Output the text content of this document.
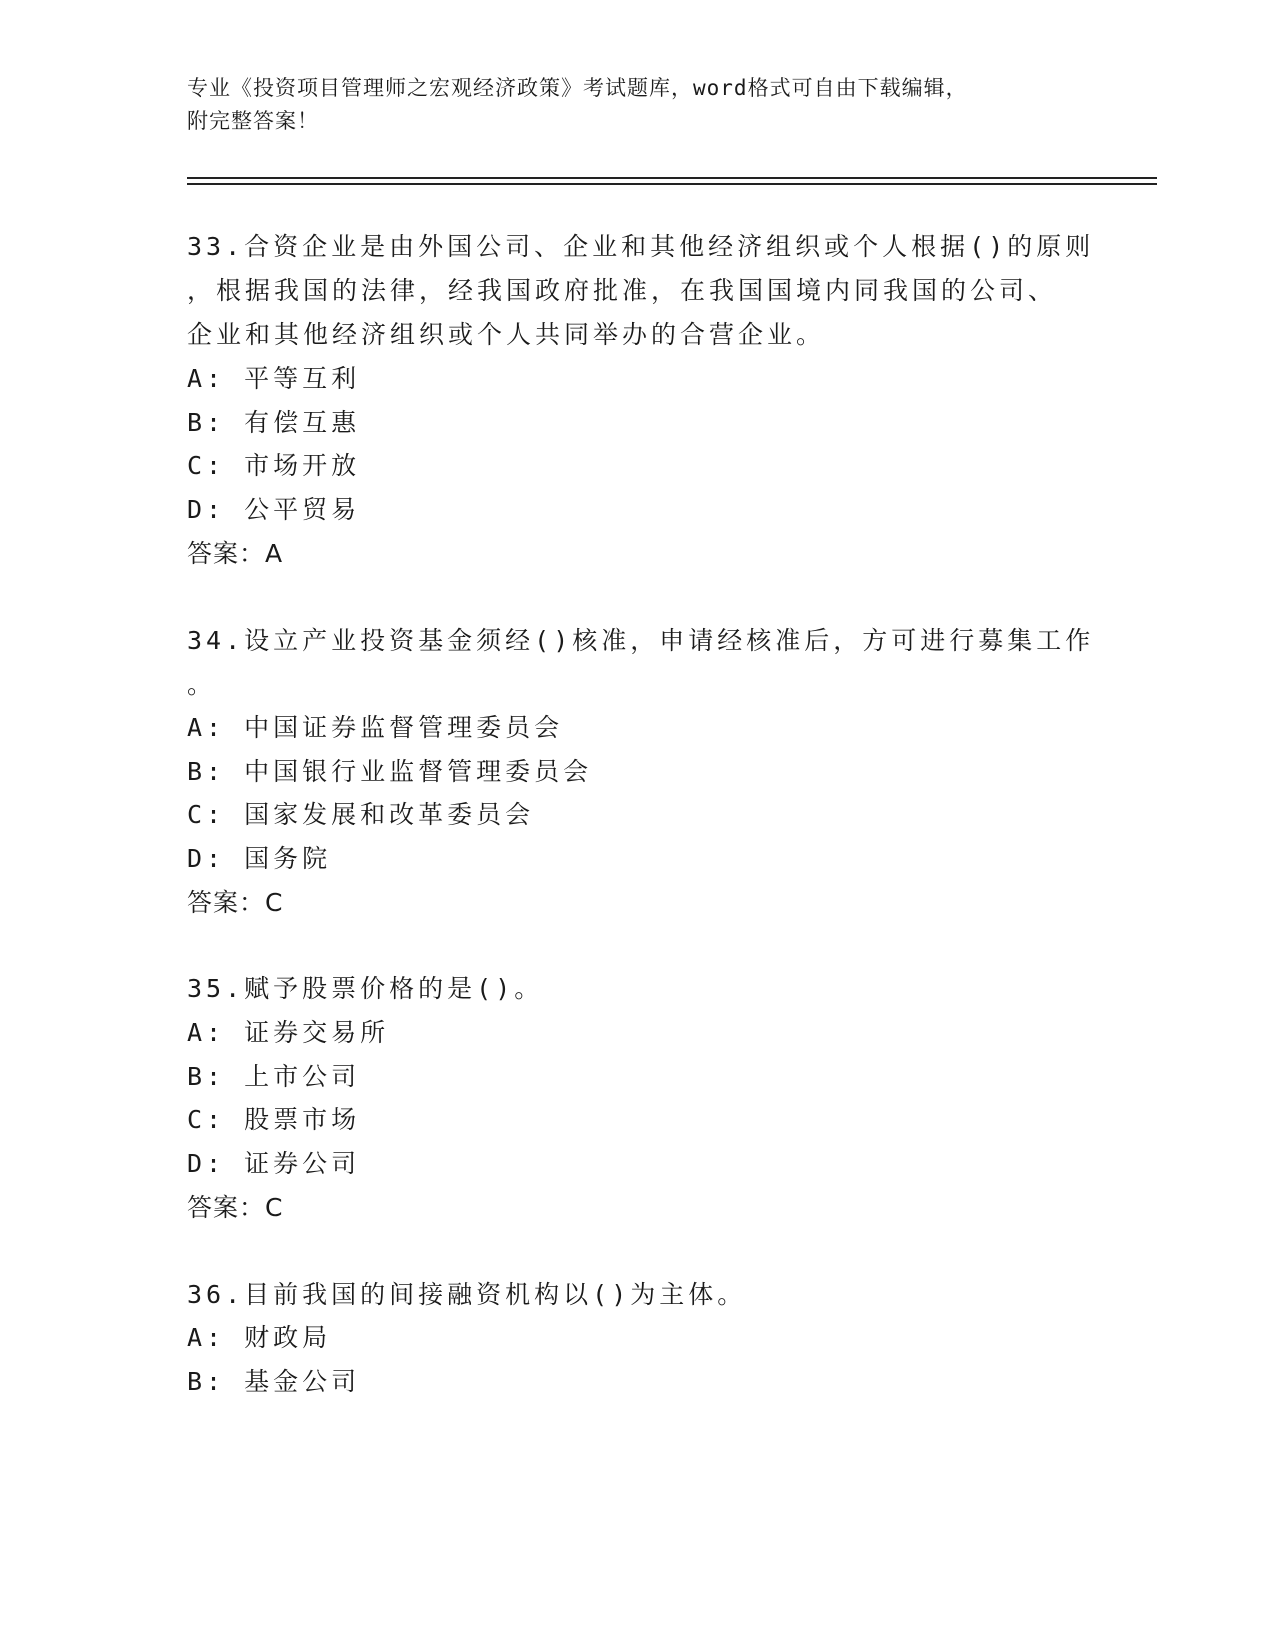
专业《投资项目管理师之宏观经济政策》考试题库，word格式可自由下载编辑，
附完整答案！
33.合资企业是由外国公司、企业和其他经济组织或个人根据()的原则
，根据我国的法律，经我国政府批准，在我国国境内同我国的公司、
企业和其他经济组织或个人共同举办的合营企业。
A: 平等互利
B: 有偿互惠
C: 市场开放
D: 公平贸易
答案：A
34.设立产业投资基金须经()核准，申请经核准后，方可进行募集工作
。
A: 中国证券监督管理委员会
B: 中国银行业监督管理委员会
C: 国家发展和改革委员会
D: 国务院
答案：C
35.赋予股票价格的是()。
A: 证券交易所
B: 上市公司
C: 股票市场
D: 证券公司
答案：C
36.目前我国的间接融资机构以()为主体。
A: 财政局
B: 基金公司
